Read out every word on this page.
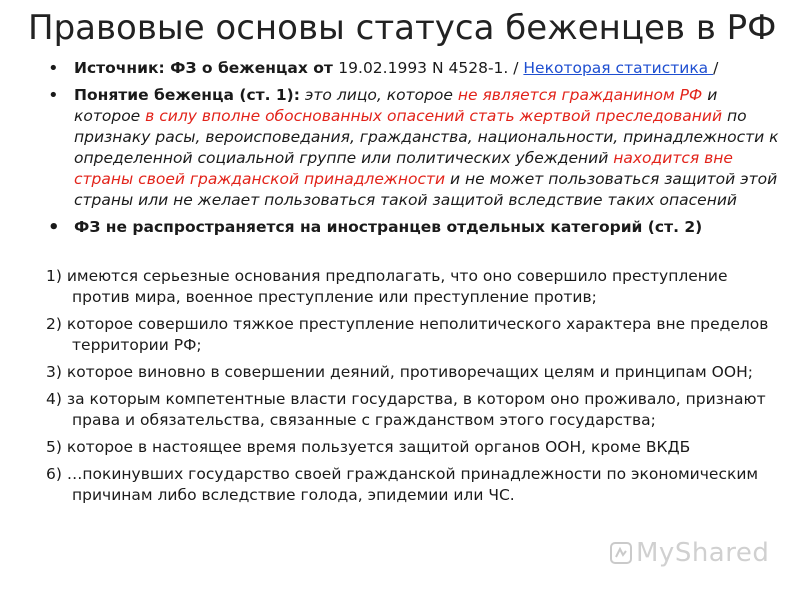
Правовые основы статуса беженцев в РФ
• Источник: ФЗ о беженцах от 19.02.1993 N 4528-1. / Некоторая статистика /
• Понятие беженца (ст. 1): это лицо, которое не является гражданином РФ и которое в силу вполне обоснованных опасений стать жертвой преследований по признаку расы, вероисповедания, гражданства, национальности, принадлежности к определенной социальной группе или политических убеждений находится вне страны своей гражданской принадлежности и не может пользоваться защитой этой страны или не желает пользоваться такой защитой вследствие таких опасений
• ФЗ не распространяется на иностранцев отдельных категорий (ст. 2)
1) имеются серьезные основания предполагать, что оно совершило преступление против мира, военное преступление или преступление против;
2) которое совершило тяжкое преступление неполитического характера вне пределов территории РФ;
3) которое виновно в совершении деяний, противоречащих целям и принципам ООН;
4) за которым компетентные власти государства, в котором оно проживало, признают права и обязательства, связанные с гражданством этого государства;
5) которое в настоящее время пользуется защитой органов ООН, кроме ВКДБ
6) …покинувших государство своей гражданской принадлежности по экономическим причинам либо вследствие голода, эпидемии или ЧС.
MyShared
